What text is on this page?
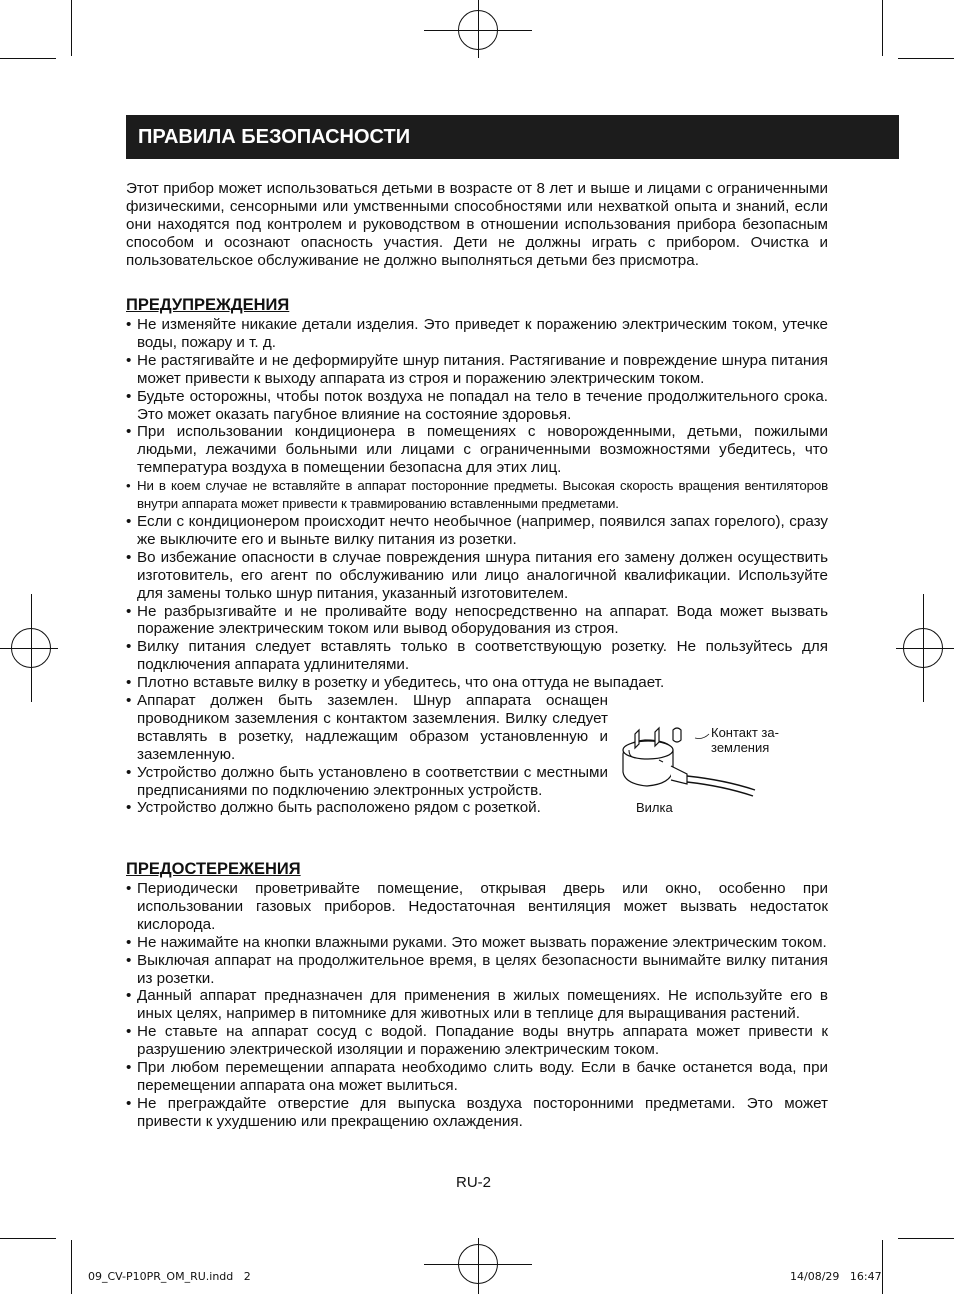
ПРАВИЛА БЕЗОПАСНОСТИ

Этот прибор может использоваться детьми в возрасте от 8 лет и выше и лицами с ограниченными физическими, сенсорными или умственными способностями или нехваткой опыта и знаний, если они находятся под контролем и руководством в отношении использования прибора безопасным способом и осознают опасность участия. Дети не должны играть с прибором. Очистка и пользовательское обслуживание не должно выполняться детьми без присмотра.

ПРЕДУПРЕЖДЕНИЯ
• Не изменяйте никакие детали изделия. Это приведет к поражению электрическим током, утечке воды, пожару и т. д.
• Не растягивайте и не деформируйте шнур питания. Растягивание и повреждение шнура питания может привести к выходу аппарата из строя и поражению электрическим током.
• Будьте осторожны, чтобы поток воздуха не попадал на тело в течение продолжительного срока. Это может оказать пагубное влияние на состояние здоровья.
• При использовании кондиционера в помещениях с новорожденными, детьми, пожилыми людьми, лежачими больными или лицами с ограниченными возможностями убедитесь, что температура воздуха в помещении безопасна для этих лиц.
• Ни в коем случае не вставляйте в аппарат посторонние предметы. Высокая скорость вращения вентиляторов внутри аппарата может привести к травмированию вставленными предметами.
• Если с кондиционером происходит нечто необычное (например, появился запах горелого), сразу же выключите его и выньте вилку питания из розетки.
• Во избежание опасности в случае повреждения шнура питания его замену должен осуществить изготовитель, его агент по обслуживанию или лицо аналогичной квалификации. Используйте для замены только шнур питания, указанный изготовителем.
• Не разбрызгивайте и не проливайте воду непосредственно на аппарат. Вода может вызвать поражение электрическим током или вывод оборудования из строя.
• Вилку питания следует вставлять только в соответствующую розетку. Не пользуйтесь для подключения аппарата удлинителями.
• Плотно вставьте вилку в розетку и убедитесь, что она оттуда не выпадает.
• Аппарат должен быть заземлен. Шнур аппарата оснащен проводником заземления с контактом заземления. Вилку следует вставлять в розетку, надлежащим образом установленную и заземленную.
• Устройство должно быть установлено в соответствии с местными предписаниями по подключению электронных устройств.
• Устройство должно быть расположено рядом с розеткой.
Контакт за-
земления
Вилка
ПРЕДОСТЕРЕЖЕНИЯ
• Периодически проветривайте помещение, открывая дверь или окно, особенно при использовании газовых приборов. Недостаточная вентиляция может вызвать недостаток кислорода.
• Не нажимайте на кнопки влажными руками. Это может вызвать поражение электрическим током.
• Выключая аппарат на продолжительное время, в целях безопасности вынимайте вилку питания из розетки.
• Данный аппарат предназначен для применения в жилых помещениях. Не используйте его в иных целях, например в питомнике для животных или в теплице для выращивания растений.
• Не ставьте на аппарат сосуд с водой. Попадание воды внутрь аппарата может привести к разрушению электрической изоляции и поражению электрическим током.
• При любом перемещении аппарата необходимо слить воду. Если в бачке останется вода, при перемещении аппарата она может вылиться.
• Не преграждайте отверстие для выпуска воздуха посторонними предметами. Это может привести к ухудшению или прекращению охлаждения.
RU-2
09_CV-P10PR_OM_RU.indd   2	14/08/29   16:47
